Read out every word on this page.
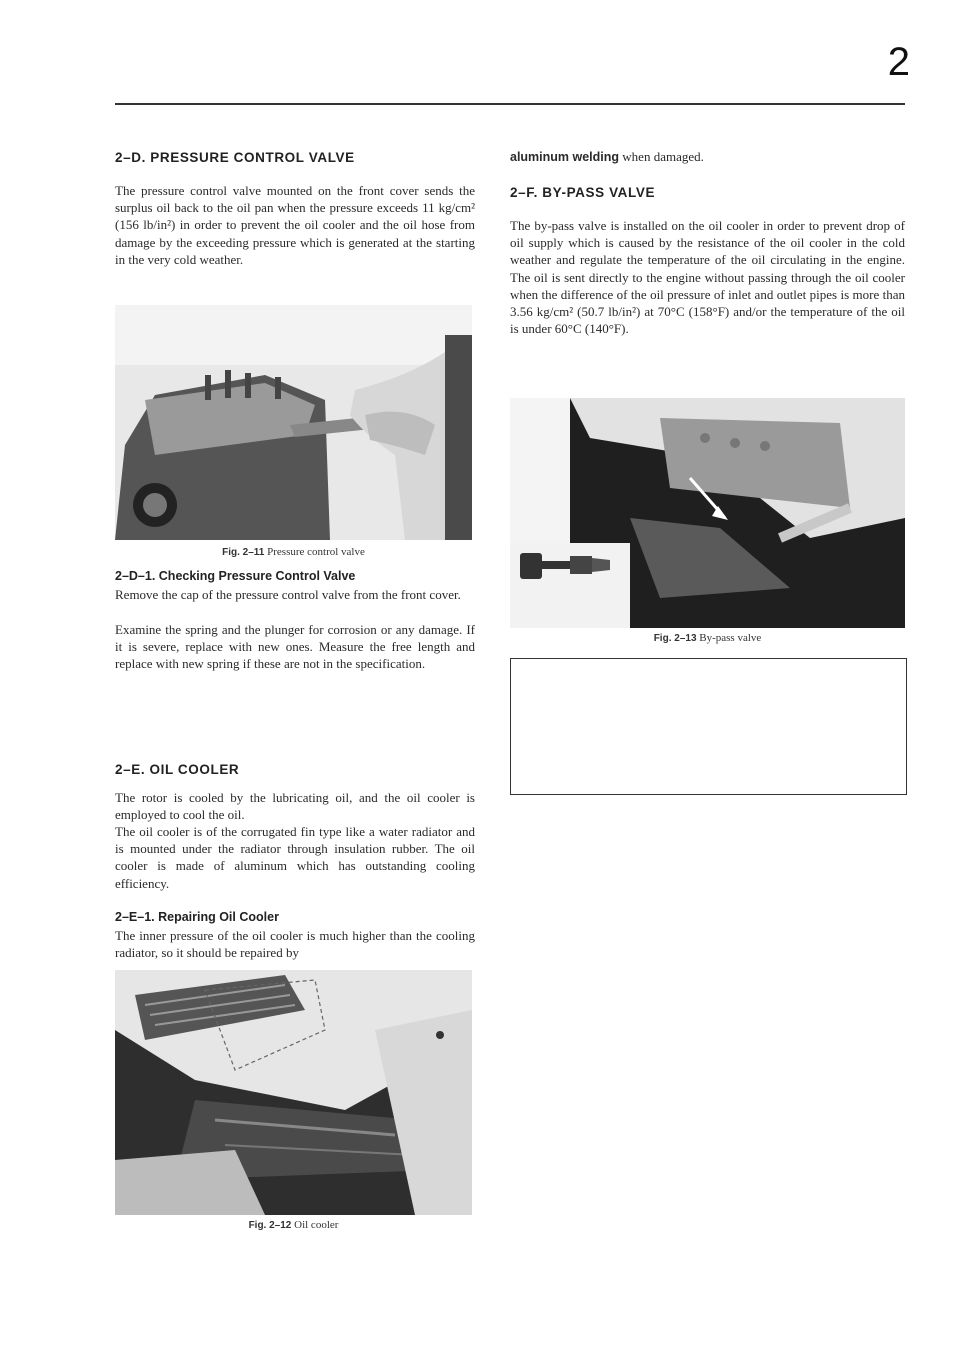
2
2–D. PRESSURE CONTROL VALVE

The pressure control valve mounted on the front cover sends the surplus oil back to the oil pan when the pressure exceeds 11 kg/cm² (156 lb/in²) in order to prevent the oil cooler and the oil hose from damage by the exceeding pressure which is generated at the starting in the very cold weather.

Fig. 2–11 Pressure control valve
2–D–1. Checking Pressure Control Valve

Remove the cap of the pressure control valve from the front cover.

Examine the spring and the plunger for corrosion or any damage. If it is severe, replace with new ones. Measure the free length and replace with new spring if these are not in the specification.

2–E. OIL COOLER

The rotor is cooled by the lubricating oil, and the oil cooler is employed to cool the oil.

The oil cooler is of the corrugated fin type like a water radiator and is mounted under the radiator through insulation rubber. The oil cooler is made of aluminum which has outstanding cooling efficiency.

2–E–1. Repairing Oil Cooler

The inner pressure of the oil cooler is much higher than the cooling radiator, so it should be repaired by

Fig. 2–12 Oil cooler

aluminum welding when damaged.

2–F. BY-PASS VALVE

The by-pass valve is installed on the oil cooler in order to prevent drop of oil supply which is caused by the resistance of the oil cooler in the cold weather and regulate the temperature of the oil circulating in the engine. The oil is sent directly to the engine without passing through the oil cooler when the difference of the oil pressure of inlet and outlet pipes is more than 3.56 kg/cm² (50.7 lb/in²) at 70°C (158°F) and/or the temperature of the oil is under 60°C (140°F).

Fig. 2–13 By-pass valve
